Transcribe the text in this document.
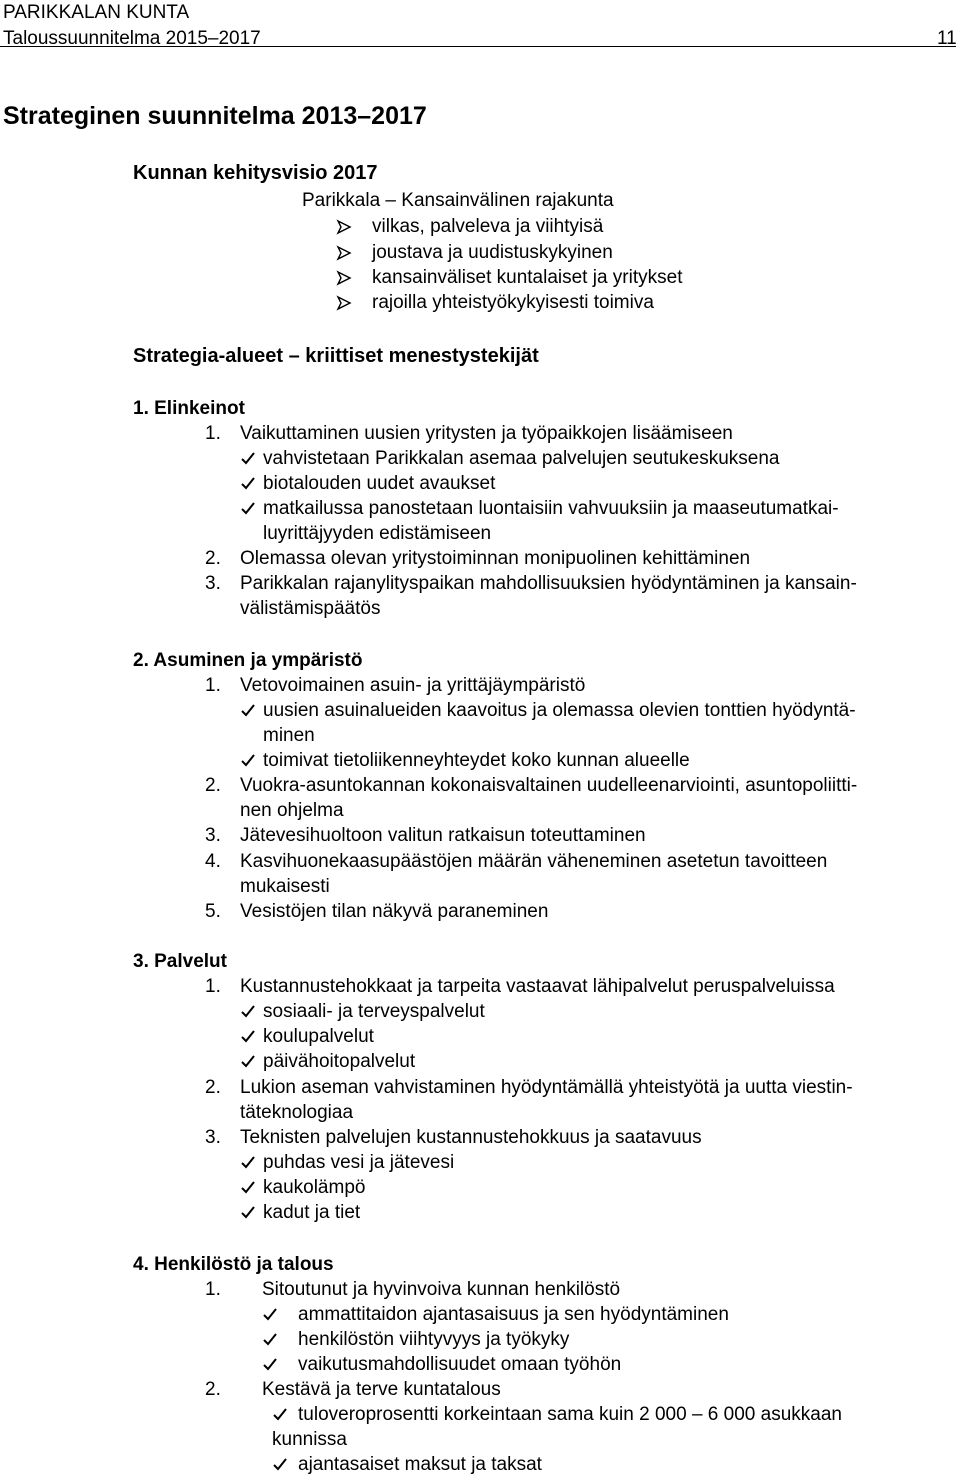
PARIKKALAN KUNTA
Taloussuunnitelma 2015–2017	11
Strateginen suunnitelma 2013–2017
Kunnan kehitysvisio 2017
Parikkala – Kansainvälinen rajakunta
vilkas, palveleva ja viihtyisä
joustava ja uudistuskykyinen
kansainväliset kuntalaiset ja yritykset
rajoilla yhteistyökykyisesti toimiva
Strategia-alueet – kriittiset menestystekijät
1. Elinkeinot
1. Vaikuttaminen uusien yritysten ja työpaikkojen lisäämiseen
vahvistetaan Parikkalan asemaa palvelujen seutukeskuksena
biotalouden uudet avaukset
matkailussa panostetaan luontaisiin vahvuuksiin ja maaseutumatkai-
luyrittäjyyden edistämiseen
2. Olemassa olevan yritystoiminnan monipuolinen kehittäminen
3. Parikkalan rajanylityspaikan mahdollisuuksien hyödyntäminen ja kansain-
välistämispäätös
2. Asuminen ja ympäristö
1. Vetovoimainen asuin- ja yrittäjäympäristö
uusien asuinalueiden kaavoitus ja olemassa olevien tonttien hyödyntä-
minen
toimivat tietoliikenneyhteydet koko kunnan alueelle
2. Vuokra-asuntokannan kokonaisvaltainen uudelleenarviointi, asuntopoliitti-
nen ohjelma
3. Jätevesihuoltoon valitun ratkaisun toteuttaminen
4. Kasvihuonekaasupäästöjen määrän väheneminen asetetun tavoitteen
mukaisesti
5. Vesistöjen tilan näkyvä paraneminen
3. Palvelut
1. Kustannustehokkaat ja tarpeita vastaavat lähipalvelut peruspalveluissa
sosiaali- ja terveyspalvelut
koulupalvelut
päivähoitopalvelut
2. Lukion aseman vahvistaminen hyödyntämällä yhteistyötä ja uutta viestin-
täteknologiaa
3. Teknisten palvelujen kustannustehokkuus ja saatavuus
puhdas vesi ja jätevesi
kaukolämpö
kadut ja tiet
4. Henkilöstö ja talous
1. Sitoutunut ja hyvinvoiva kunnan henkilöstö
ammattitaidon ajantasaisuus ja sen hyödyntäminen
henkilöstön viihtyvyys ja työkyky
vaikutusmahdollisuudet omaan työhön
2. Kestävä ja terve kuntatalous
tuloveroprosentti korkeintaan sama kuin 2 000 – 6 000 asukkaan
kunnissa
ajantasaiset maksut ja taksat
